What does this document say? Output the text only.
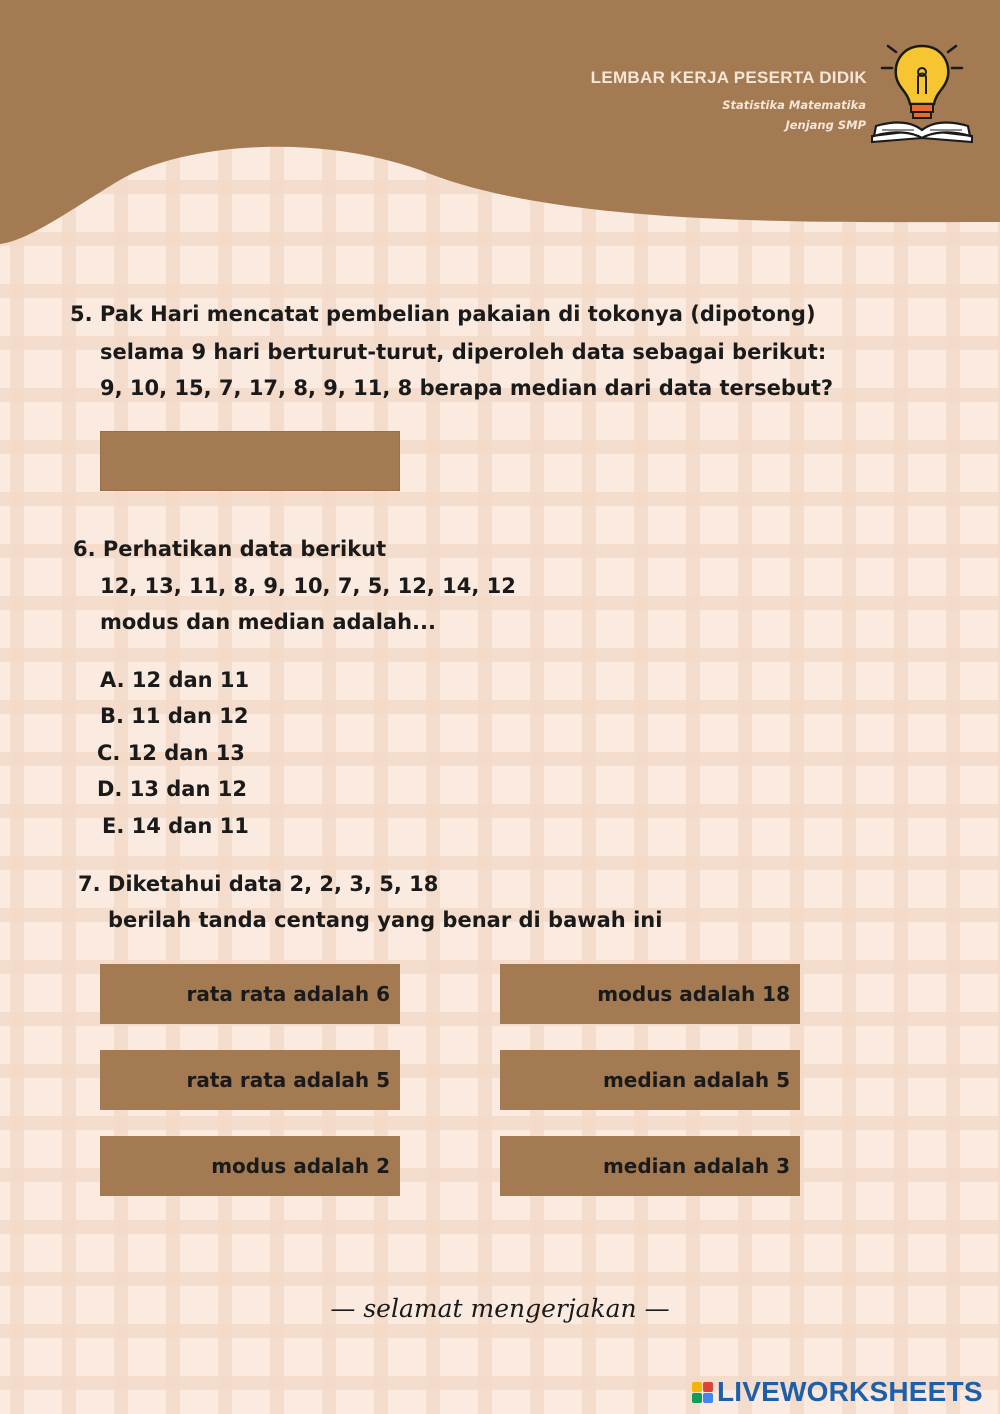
LEMBAR KERJA PESERTA DIDIK
Statistika Matematika
Jenjang SMP
5. Pak Hari mencatat pembelian pakaian di tokonya (dipotong)
selama 9 hari berturut-turut, diperoleh data sebagai berikut:
9, 10, 15, 7, 17, 8, 9, 11, 8 berapa median dari data tersebut?
6. Perhatikan data berikut
12, 13, 11, 8, 9, 10, 7, 5, 12, 14, 12
modus dan median adalah...
A. 12 dan 11
B. 11 dan 12
C. 12 dan 13
D. 13 dan 12
E. 14 dan 11
7. Diketahui data 2, 2, 3, 5, 18
berilah tanda centang yang benar di bawah ini
rata rata adalah 6
rata rata adalah 5
modus adalah 2
modus adalah 18
median adalah 5
median adalah 3
— selamat mengerjakan —
LIVEWORKSHEETS
